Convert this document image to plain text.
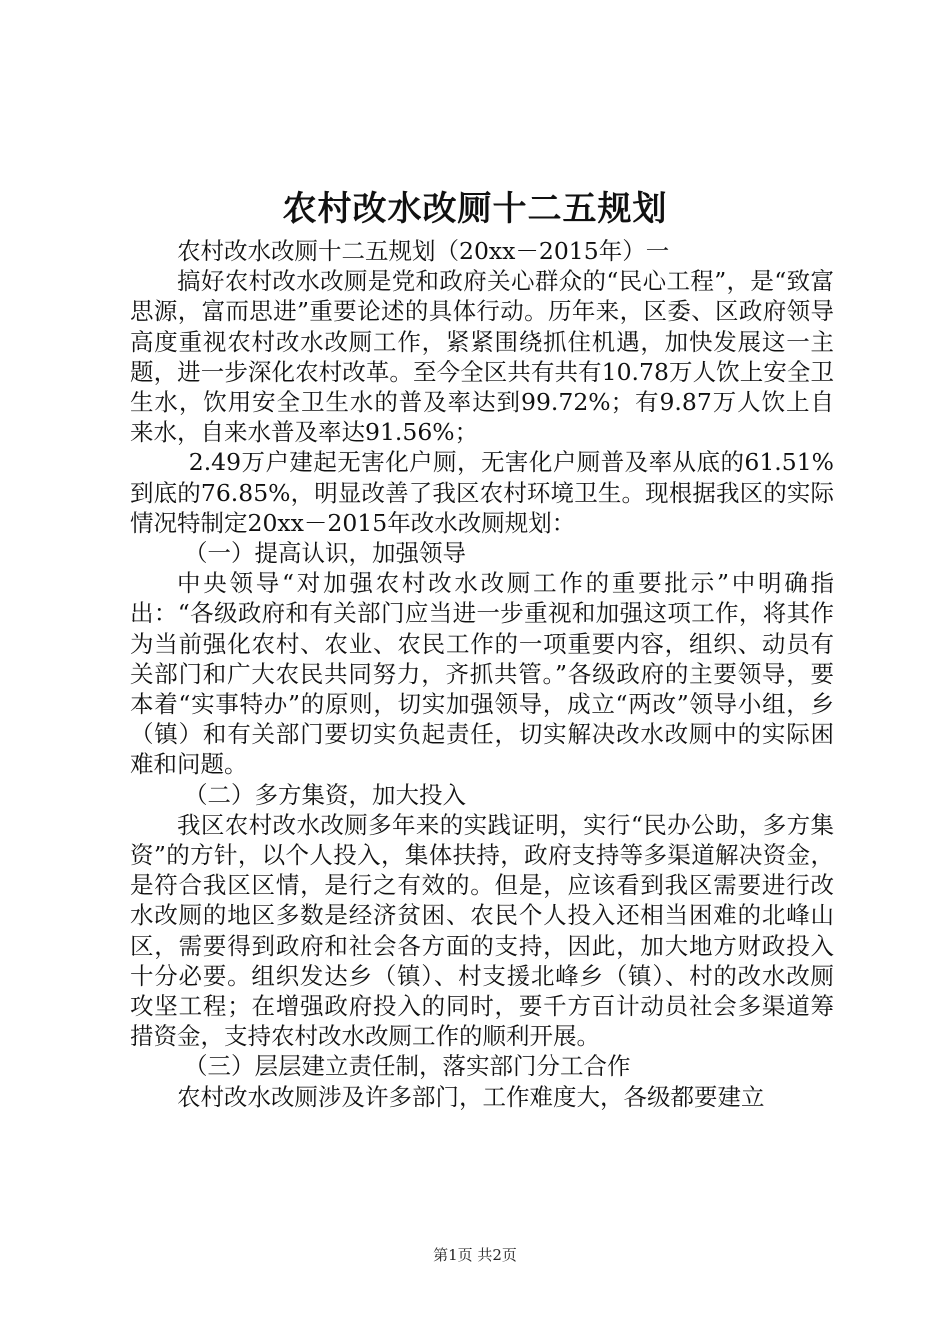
农村改水改厕十二五规划

农村改水改厕十二五规划（20xx－2015年）一

搞好农村改水改厕是党和政府关心群众的“民心工程”，是“致富思源，富而思进”重要论述的具体行动。历年来，区委、区政府领导高度重视农村改水改厕工作，紧紧围绕抓住机遇，加快发展这一主题，进一步深化农村改革。至今全区共有共有10.78万人饮上安全卫生水，饮用安全卫生水的普及率达到99.72%；有9.87万人饮上自来水，自来水普及率达91.56%；

2.49万户建起无害化户厕，无害化户厕普及率从底的61.51%到底的76.85%，明显改善了我区农村环境卫生。现根据我区的实际情况特制定20xx－2015年改水改厕规划：

（一）提高认识，加强领导

中央领导“对加强农村改水改厕工作的重要批示”中明确指出：“各级政府和有关部门应当进一步重视和加强这项工作，将其作为当前强化农村、农业、农民工作的一项重要内容，组织、动员有关部门和广大农民共同努力，齐抓共管。”各级政府的主要领导，要本着“实事特办”的原则，切实加强领导，成立“两改”领导小组，乡（镇）和有关部门要切实负起责任，切实解决改水改厕中的实际困难和问题。

（二）多方集资，加大投入

我区农村改水改厕多年来的实践证明，实行“民办公助，多方集资”的方针，以个人投入，集体扶持，政府支持等多渠道解决资金，是符合我区区情，是行之有效的。但是，应该看到我区需要进行改水改厕的地区多数是经济贫困、农民个人投入还相当困难的北峰山区，需要得到政府和社会各方面的支持，因此，加大地方财政投入十分必要。组织发达乡（镇）、村支援北峰乡（镇）、村的改水改厕攻坚工程；在增强政府投入的同时，要千方百计动员社会多渠道筹措资金，支持农村改水改厕工作的顺利开展。

（三）层层建立责任制，落实部门分工合作

农村改水改厕涉及许多部门，工作难度大，各级都要建立

第1页 共2页
